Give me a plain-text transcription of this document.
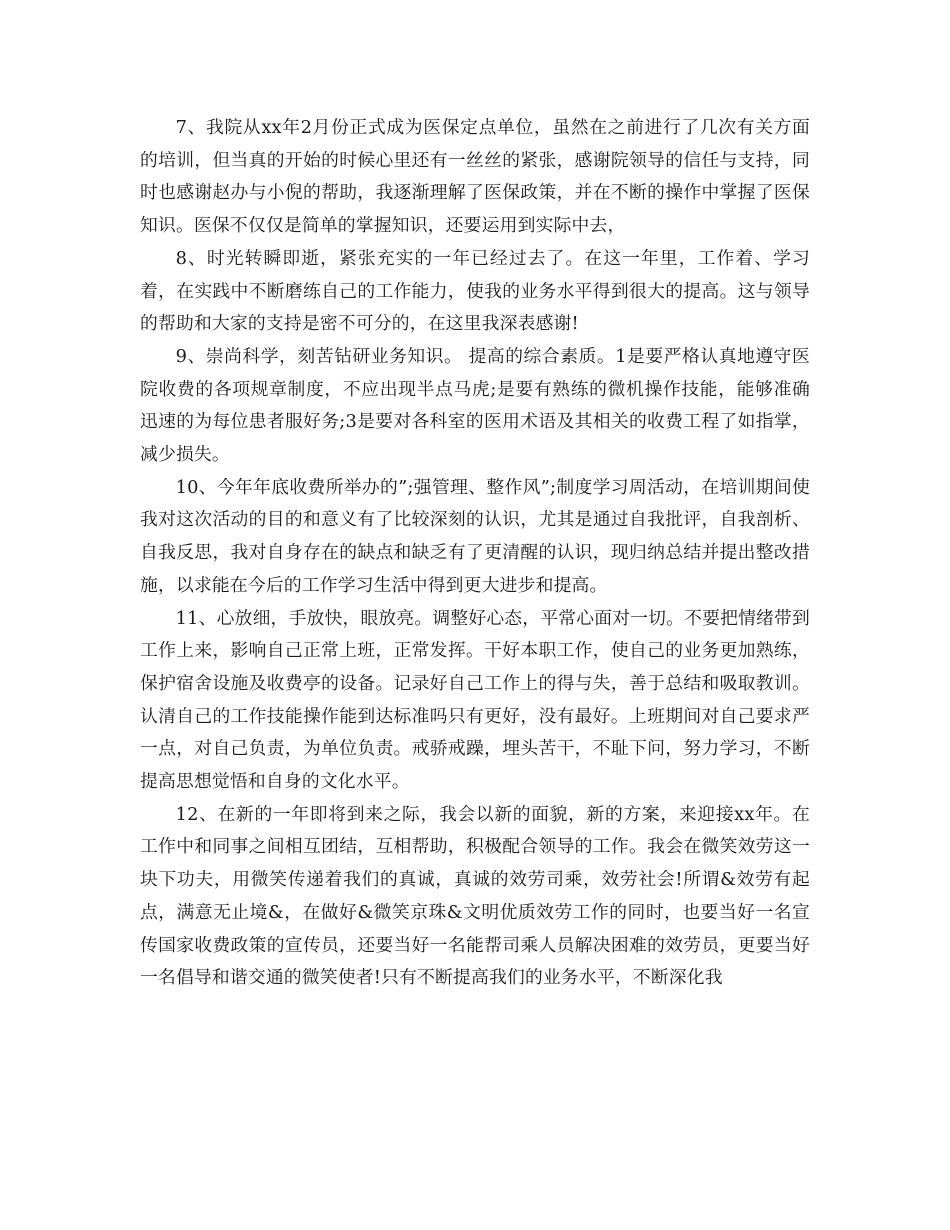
7、我院从xx年2月份正式成为医保定点单位，虽然在之前进行了几次有关方面的培训，但当真的开始的时候心里还有一丝丝的紧张，感谢院领导的信任与支持，同时也感谢赵办与小倪的帮助，我逐渐理解了医保政策，并在不断的操作中掌握了医保知识。医保不仅仅是简单的掌握知识，还要运用到实际中去，

8、时光转瞬即逝，紧张充实的一年已经过去了。在这一年里，工作着、学习着，在实践中不断磨练自己的工作能力，使我的业务水平得到很大的提高。这与领导的帮助和大家的支持是密不可分的，在这里我深表感谢!

9、崇尚科学，刻苦钻研业务知识。 提高的综合素质。1是要严格认真地遵守医院收费的各项规章制度，不应出现半点马虎;是要有熟练的微机操作技能，能够准确迅速的为每位患者服好务;3是要对各科室的医用术语及其相关的收费工程了如指掌，减少损失。

10、今年年底收费所举办的”;强管理、整作风”;制度学习周活动，在培训期间使我对这次活动的目的和意义有了比较深刻的认识，尤其是通过自我批评，自我剖析、自我反思，我对自身存在的缺点和缺乏有了更清醒的认识，现归纳总结并提出整改措施，以求能在今后的工作学习生活中得到更大进步和提高。

11、心放细，手放快，眼放亮。调整好心态，平常心面对一切。不要把情绪带到工作上来，影响自己正常上班，正常发挥。干好本职工作，使自己的业务更加熟练，保护宿舍设施及收费亭的设备。记录好自己工作上的得与失，善于总结和吸取教训。认清自己的工作技能操作能到达标准吗只有更好，没有最好。上班期间对自己要求严一点，对自己负责，为单位负责。戒骄戒躁，埋头苦干，不耻下问，努力学习，不断提高思想觉悟和自身的文化水平。

12、在新的一年即将到来之际，我会以新的面貌，新的方案，来迎接xx年。在工作中和同事之间相互团结，互相帮助，积极配合领导的工作。我会在微笑效劳这一块下功夫，用微笑传递着我们的真诚，真诚的效劳司乘，效劳社会!所谓&效劳有起点，满意无止境&，在做好&微笑京珠&文明优质效劳工作的同时，也要当好一名宣传国家收费政策的宣传员，还要当好一名能帮司乘人员解决困难的效劳员，更要当好一名倡导和谐交通的微笑使者!只有不断提高我们的业务水平，不断深化我
